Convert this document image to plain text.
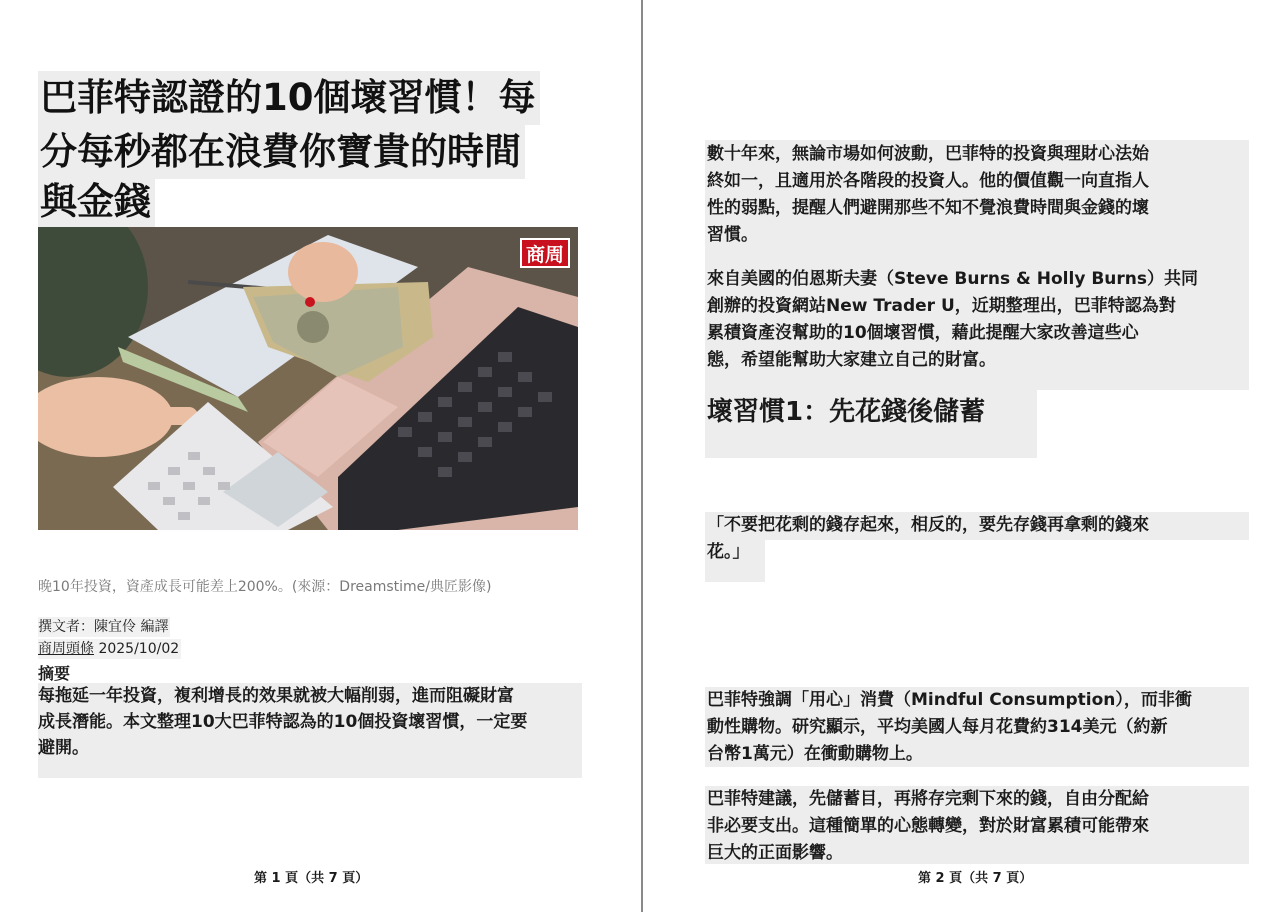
巴菲特認證的10個壞習慣！每
分每秒都在浪費你寶貴的時間
與金錢
商周
晚10年投資，資產成長可能差上200%。(來源：Dreamstime/典匠影像)
撰文者：陳宜伶 編譯
商周頭條 2025/10/02
摘要
每拖延一年投資，複利增長的效果就被大幅削弱，進而阻礙財富
成長潛能。本文整理10大巴菲特認為的10個投資壞習慣，一定要
避開。
第 1 頁（共 7 頁）
數十年來，無論市場如何波動，巴菲特的投資與理財心法始
終如一，且適用於各階段的投資人。他的價值觀一向直指人
性的弱點，提醒人們避開那些不知不覺浪費時間與金錢的壞
習慣。
來自美國的伯恩斯夫妻（Steve Burns & Holly Burns）共同
創辦的投資網站New Trader U，近期整理出，巴菲特認為對
累積資產沒幫助的10個壞習慣，藉此提醒大家改善這些心
態，希望能幫助大家建立自己的財富。
壞習慣1：先花錢後儲蓄
「不要把花剩的錢存起來，相反的，要先存錢再拿剩的錢來
花。」
巴菲特強調「用心」消費（Mindful Consumption），而非衝
動性購物。研究顯示，平均美國人每月花費約314美元（約新
台幣1萬元）在衝動購物上。
巴菲特建議，先儲蓄目，再將存完剩下來的錢，自由分配給
非必要支出。這種簡單的心態轉變，對於財富累積可能帶來
巨大的正面影響。
第 2 頁（共 7 頁）
